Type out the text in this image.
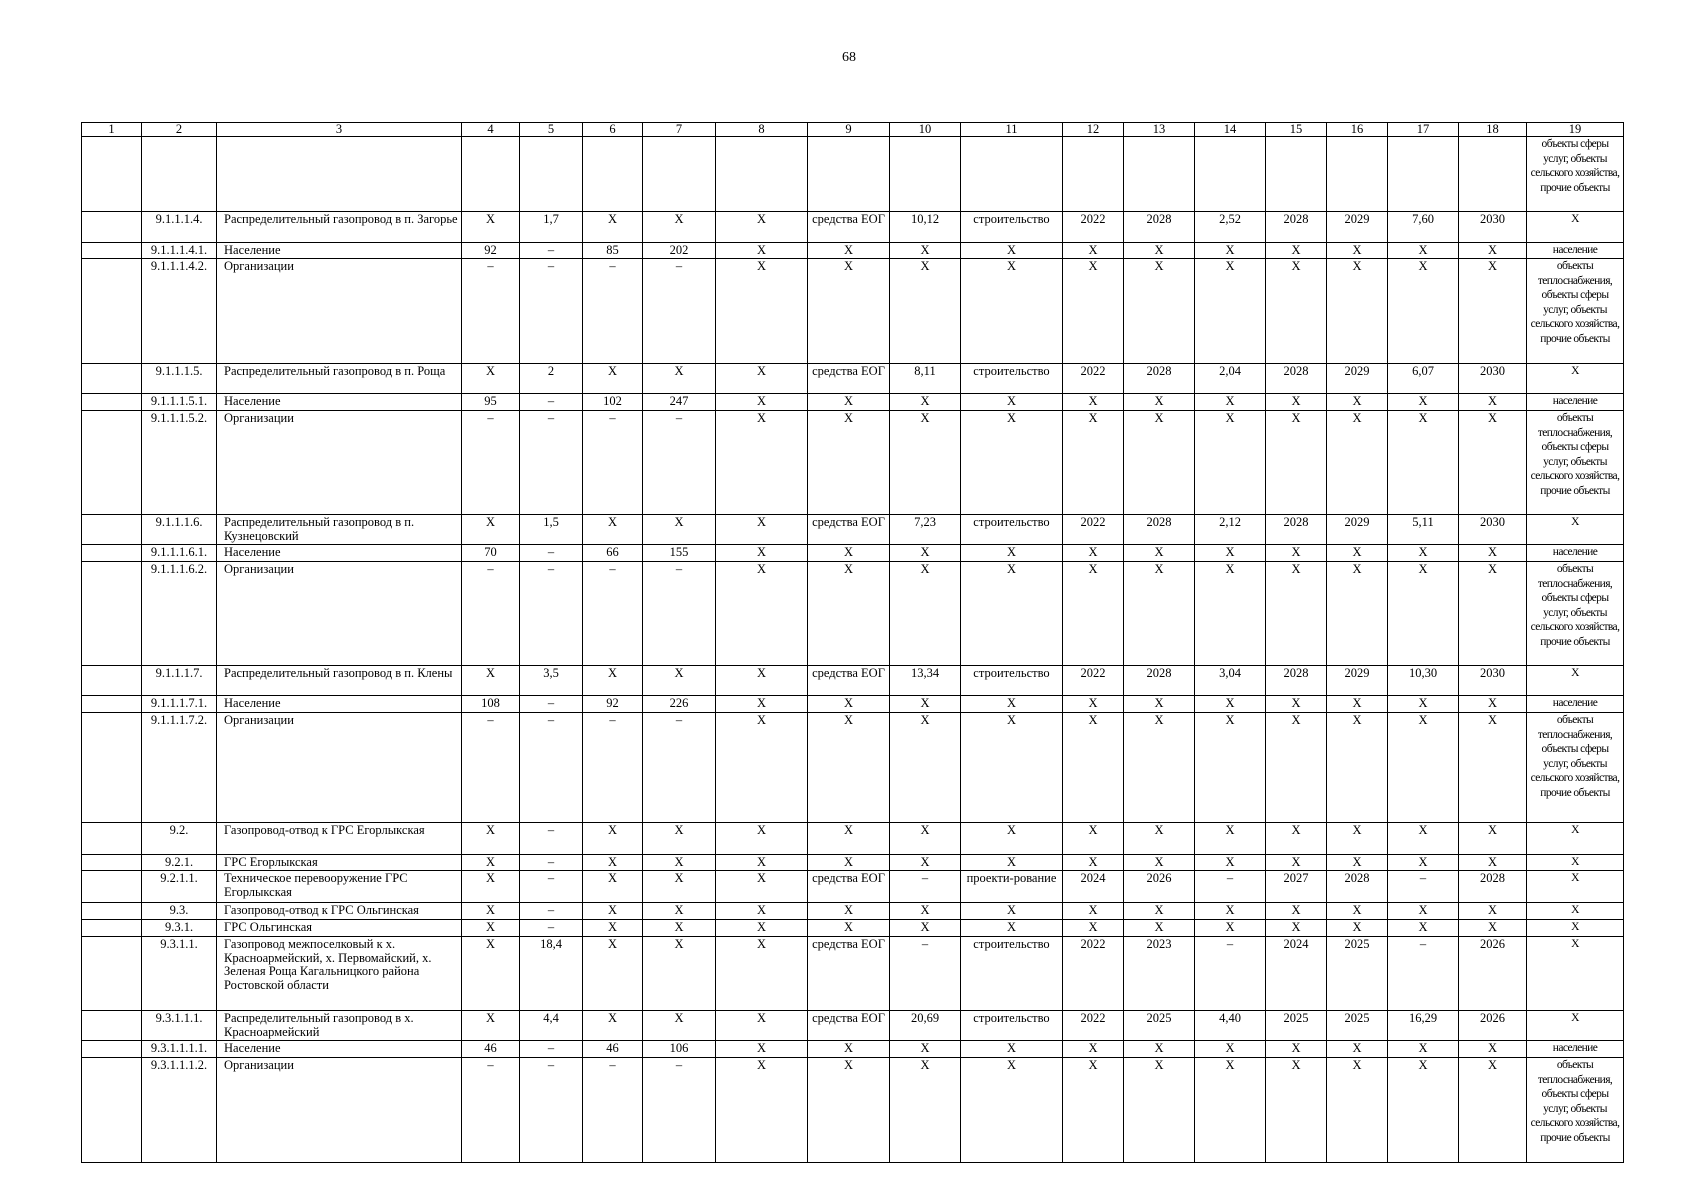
68
1	2	3	4	5	6	7	8	9	10	11	12	13	14	15	16	17	18	19
																		объекты сферы услуг, объекты сельского хозяйства, прочие объекты
	9.1.1.1.4.	Распределительный газопровод в п. Загорье	X	1,7	X	X	X	средства ЕОГ	10,12	строительство	2022	2028	2,52	2028	2029	7,60	2030	X
	9.1.1.1.4.1.	Население	92	–	85	202	X	X	X	X	X	X	X	X	X	X	X	население
	9.1.1.1.4.2.	Организации	–	–	–	–	X	X	X	X	X	X	X	X	X	X	X	объекты теплоснабжения, объекты сферы услуг, объекты сельского хозяйства, прочие объекты
	9.1.1.1.5.	Распределительный газопровод в п. Роща	X	2	X	X	X	средства ЕОГ	8,11	строительство	2022	2028	2,04	2028	2029	6,07	2030	X
	9.1.1.1.5.1.	Население	95	–	102	247	X	X	X	X	X	X	X	X	X	X	X	население
	9.1.1.1.5.2.	Организации	–	–	–	–	X	X	X	X	X	X	X	X	X	X	X	объекты теплоснабжения, объекты сферы услуг, объекты сельского хозяйства, прочие объекты
	9.1.1.1.6.	Распределительный газопровод в п. Кузнецовский	X	1,5	X	X	X	средства ЕОГ	7,23	строительство	2022	2028	2,12	2028	2029	5,11	2030	X
	9.1.1.1.6.1.	Население	70	–	66	155	X	X	X	X	X	X	X	X	X	X	X	население
	9.1.1.1.6.2.	Организации	–	–	–	–	X	X	X	X	X	X	X	X	X	X	X	объекты теплоснабжения, объекты сферы услуг, объекты сельского хозяйства, прочие объекты
	9.1.1.1.7.	Распределительный газопровод в п. Клены	X	3,5	X	X	X	средства ЕОГ	13,34	строительство	2022	2028	3,04	2028	2029	10,30	2030	X
	9.1.1.1.7.1.	Население	108	–	92	226	X	X	X	X	X	X	X	X	X	X	X	население
	9.1.1.1.7.2.	Организации	–	–	–	–	X	X	X	X	X	X	X	X	X	X	X	объекты теплоснабжения, объекты сферы услуг, объекты сельского хозяйства, прочие объекты
	9.2.	Газопровод-отвод к ГРС Егорлыкская	X	–	X	X	X	X	X	X	X	X	X	X	X	X	X	X
	9.2.1.	ГРС Егорлыкская	X	–	X	X	X	X	X	X	X	X	X	X	X	X	X	X
	9.2.1.1.	Техническое перевооружение ГРС Егорлыкская	X	–	X	X	X	средства ЕОГ	–	проекти-рование	2024	2026	–	2027	2028	–	2028	X
	9.3.	Газопровод-отвод к ГРС Ольгинская	X	–	X	X	X	X	X	X	X	X	X	X	X	X	X	X
	9.3.1.	ГРС Ольгинская	X	–	X	X	X	X	X	X	X	X	X	X	X	X	X	X
	9.3.1.1.	Газопровод межпоселковый к х. Красноармейский, х. Первомайский, х. Зеленая Роща Кагальницкого района Ростовской области	X	18,4	X	X	X	средства ЕОГ	–	строительство	2022	2023	–	2024	2025	–	2026	X
	9.3.1.1.1.	Распределительный газопровод в х. Красноармейский	X	4,4	X	X	X	средства ЕОГ	20,69	строительство	2022	2025	4,40	2025	2025	16,29	2026	X
	9.3.1.1.1.1.	Население	46	–	46	106	X	X	X	X	X	X	X	X	X	X	X	население
	9.3.1.1.1.2.	Организации	–	–	–	–	X	X	X	X	X	X	X	X	X	X	X	объекты теплоснабжения, объекты сферы услуг, объекты сельского хозяйства, прочие объекты
